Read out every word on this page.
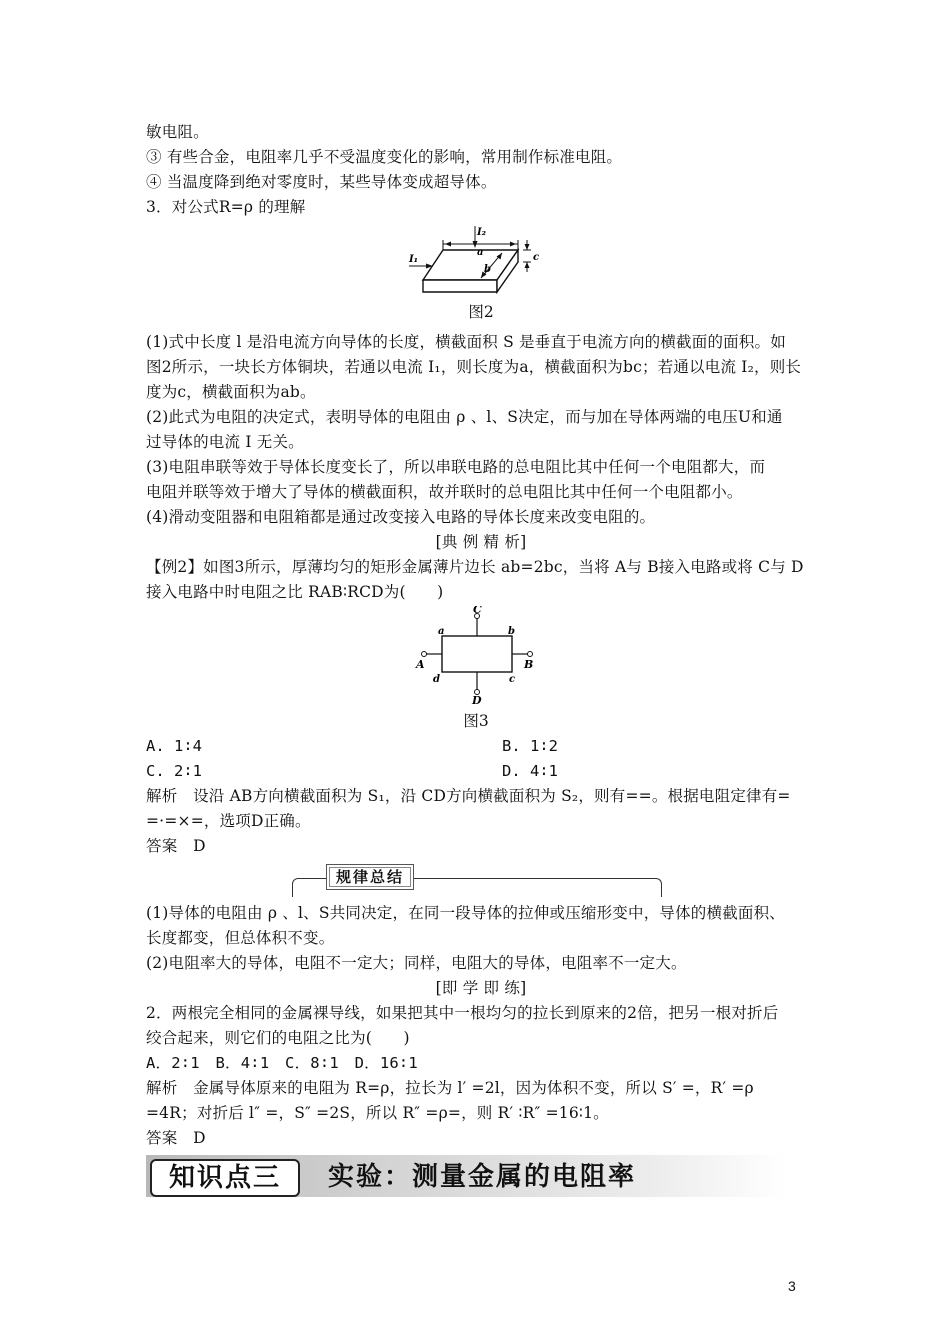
敏电阻。
③ 有些合金，电阻率几乎不受温度变化的影响，常用制作标准电阻。
④ 当温度降到绝对零度时，某些导体变成超导体。
3．对公式R=ρ 的理解
I₂
a
b
c
I₁
图2
(1)式中长度 l 是沿电流方向导体的长度，横截面积 S 是垂直于电流方向的横截面的面积。如
图2所示，一块长方体铜块，若通以电流 I₁，则长度为a，横截面积为bc；若通以电流 I₂，则长
度为c，横截面积为ab。
(2)此式为电阻的决定式，表明导体的电阻由 ρ 、l、S决定，而与加在导体两端的电压U和通
过导体的电流 I 无关。
(3)电阻串联等效于导体长度变长了，所以串联电路的总电阻比其中任何一个电阻都大，而
电阻并联等效于增大了导体的横截面积，故并联时的总电阻比其中任何一个电阻都小。
(4)滑动变阻器和电阻箱都是通过改变接入电路的导体长度来改变电阻的。
[典 例 精 析]
【例2】如图3所示，厚薄均匀的矩形金属薄片边长 ab=2bc，当将 A与 B接入电路或将 C与 D
接入电路中时电阻之比 RAB∶RCD为(　　)
C
a	b
A	B
d	c
D
图3
A. 1∶4	B. 1∶2
C. 2∶1	D. 4∶1
解析　设沿 AB方向横截面积为 S₁，沿 CD方向横截面积为 S₂，则有==。根据电阻定律有=
=·=×=，选项D正确。
答案　D
规律总结
(1)导体的电阻由 ρ 、l、S共同决定，在同一段导体的拉伸或压缩形变中，导体的横截面积、
长度都变，但总体积不变。
(2)电阻率大的导体，电阻不一定大；同样，电阻大的导体，电阻率不一定大。
[即 学 即 练]
2．两根完全相同的金属裸导线，如果把其中一根均匀的拉长到原来的2倍，把另一根对折后
绞合起来，则它们的电阻之比为(　　)
A．2∶1　B．4∶1　C．8∶1　D．16∶1
解析　金属导体原来的电阻为 R=ρ，拉长为 l′ =2l，因为体积不变，所以 S′ =，R′ =ρ
=4R；对折后 l″ =，S″ =2S，所以 R″ =ρ=，则 R′ ∶R″ =16∶1。
答案　D
知识点三	实验：测量金属的电阻率
3
